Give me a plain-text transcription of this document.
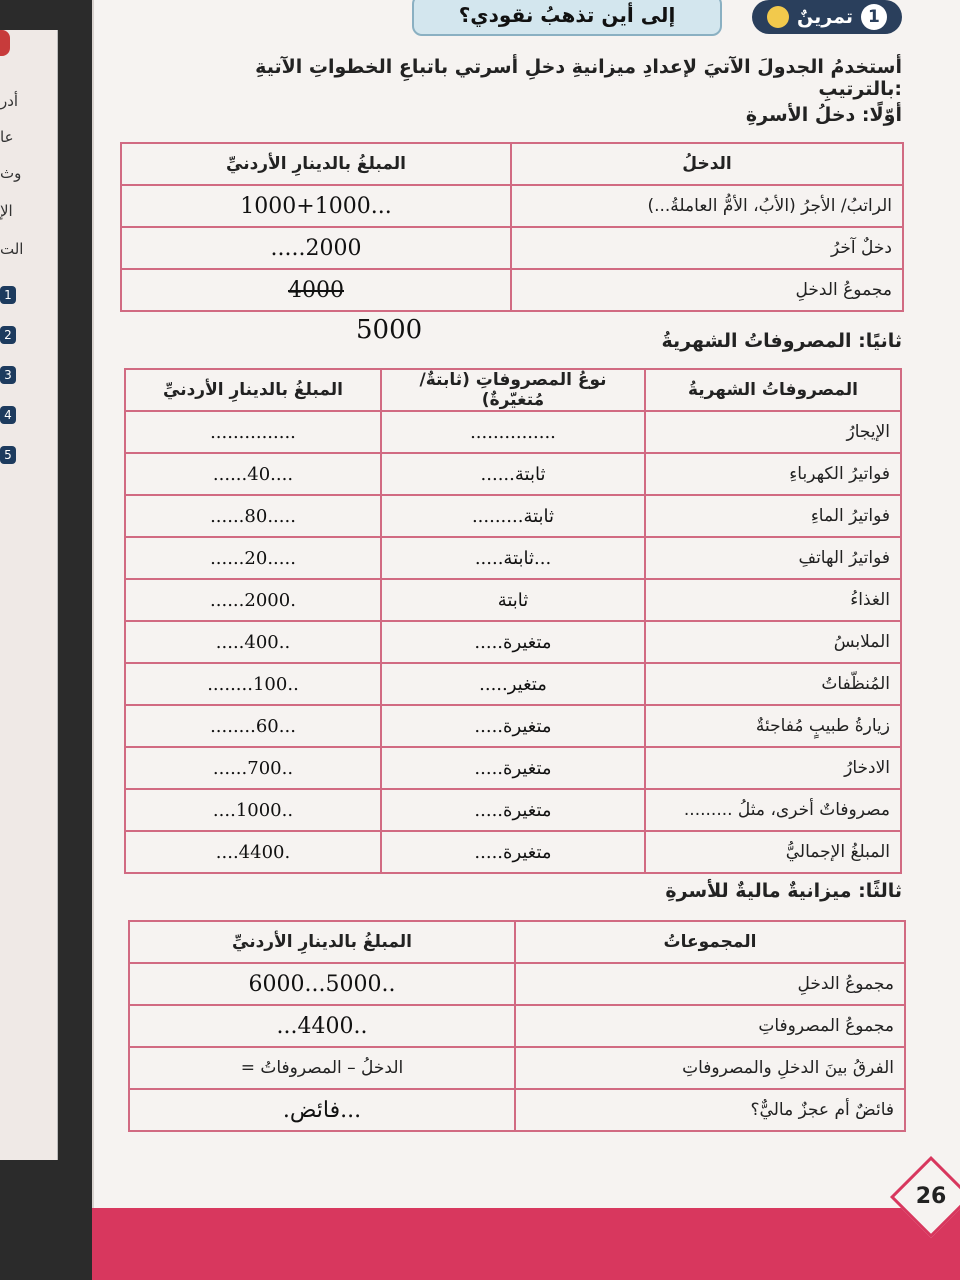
أدر
عا
وث
الإ
الت
1
2
3
4
5
إلى أين تذهبُ نقودي؟	1
تمرينٌ
أستخدمُ الجدولَ الآتيَ لإعدادِ ميزانيةِ دخلِ أسرتي باتباعِ الخطواتِ الآتيةِ بالترتيبِ:
أوّلًا: دخلُ الأسرةِ
الدخلُ	المبلغُ بالدينارِ الأردنيِّ
الراتبُ/ الأجرُ (الأبُ، الأمُّ العاملةُ...)	...1000+1000
دخلٌ آخرُ	2000.....
مجموعُ الدخلِ	4000
5000	ثانيًا: المصروفاتُ الشهريةُ
المصروفاتُ الشهريةُ	نوعُ المصروفاتِ (ثابتةٌ/ مُتغيّرةٌ)	المبلغُ بالدينارِ الأردنيِّ
الإيجارُ	...............	...............
فواتيرُ الكهرباءِ	ثابتة......	....40......
فواتيرُ الماءِ	ثابتة.........	.....80......
فواتيرُ الهاتفِ	...ثابتة.....	.....20......
الغذاءُ	ثابتة	.2000......
الملابسُ	متغيرة.....	..400.....
المُنظّفاتُ	متغير.....	..100........
زيارةُ طبيبٍ مُفاجئةٌ	متغيرة.....	...60........
الادخارُ	متغيرة.....	..700......
مصروفاتٌ أخرى، مثلُ .........	متغيرة.....	..1000....
المبلغُ الإجماليُّ	متغيرة.....	.4400....
ثالثًا: ميزانيةٌ ماليةٌ للأسرةِ
المجموعاتُ	المبلغُ بالدينارِ الأردنيِّ
مجموعُ الدخلِ	..5000...6000
مجموعُ المصروفاتِ	..4400...
الفرقُ بينَ الدخلِ والمصروفاتِ	الدخلُ – المصروفاتُ =
فائضٌ أم عجزٌ ماليٌّ؟	...فائض.
26
